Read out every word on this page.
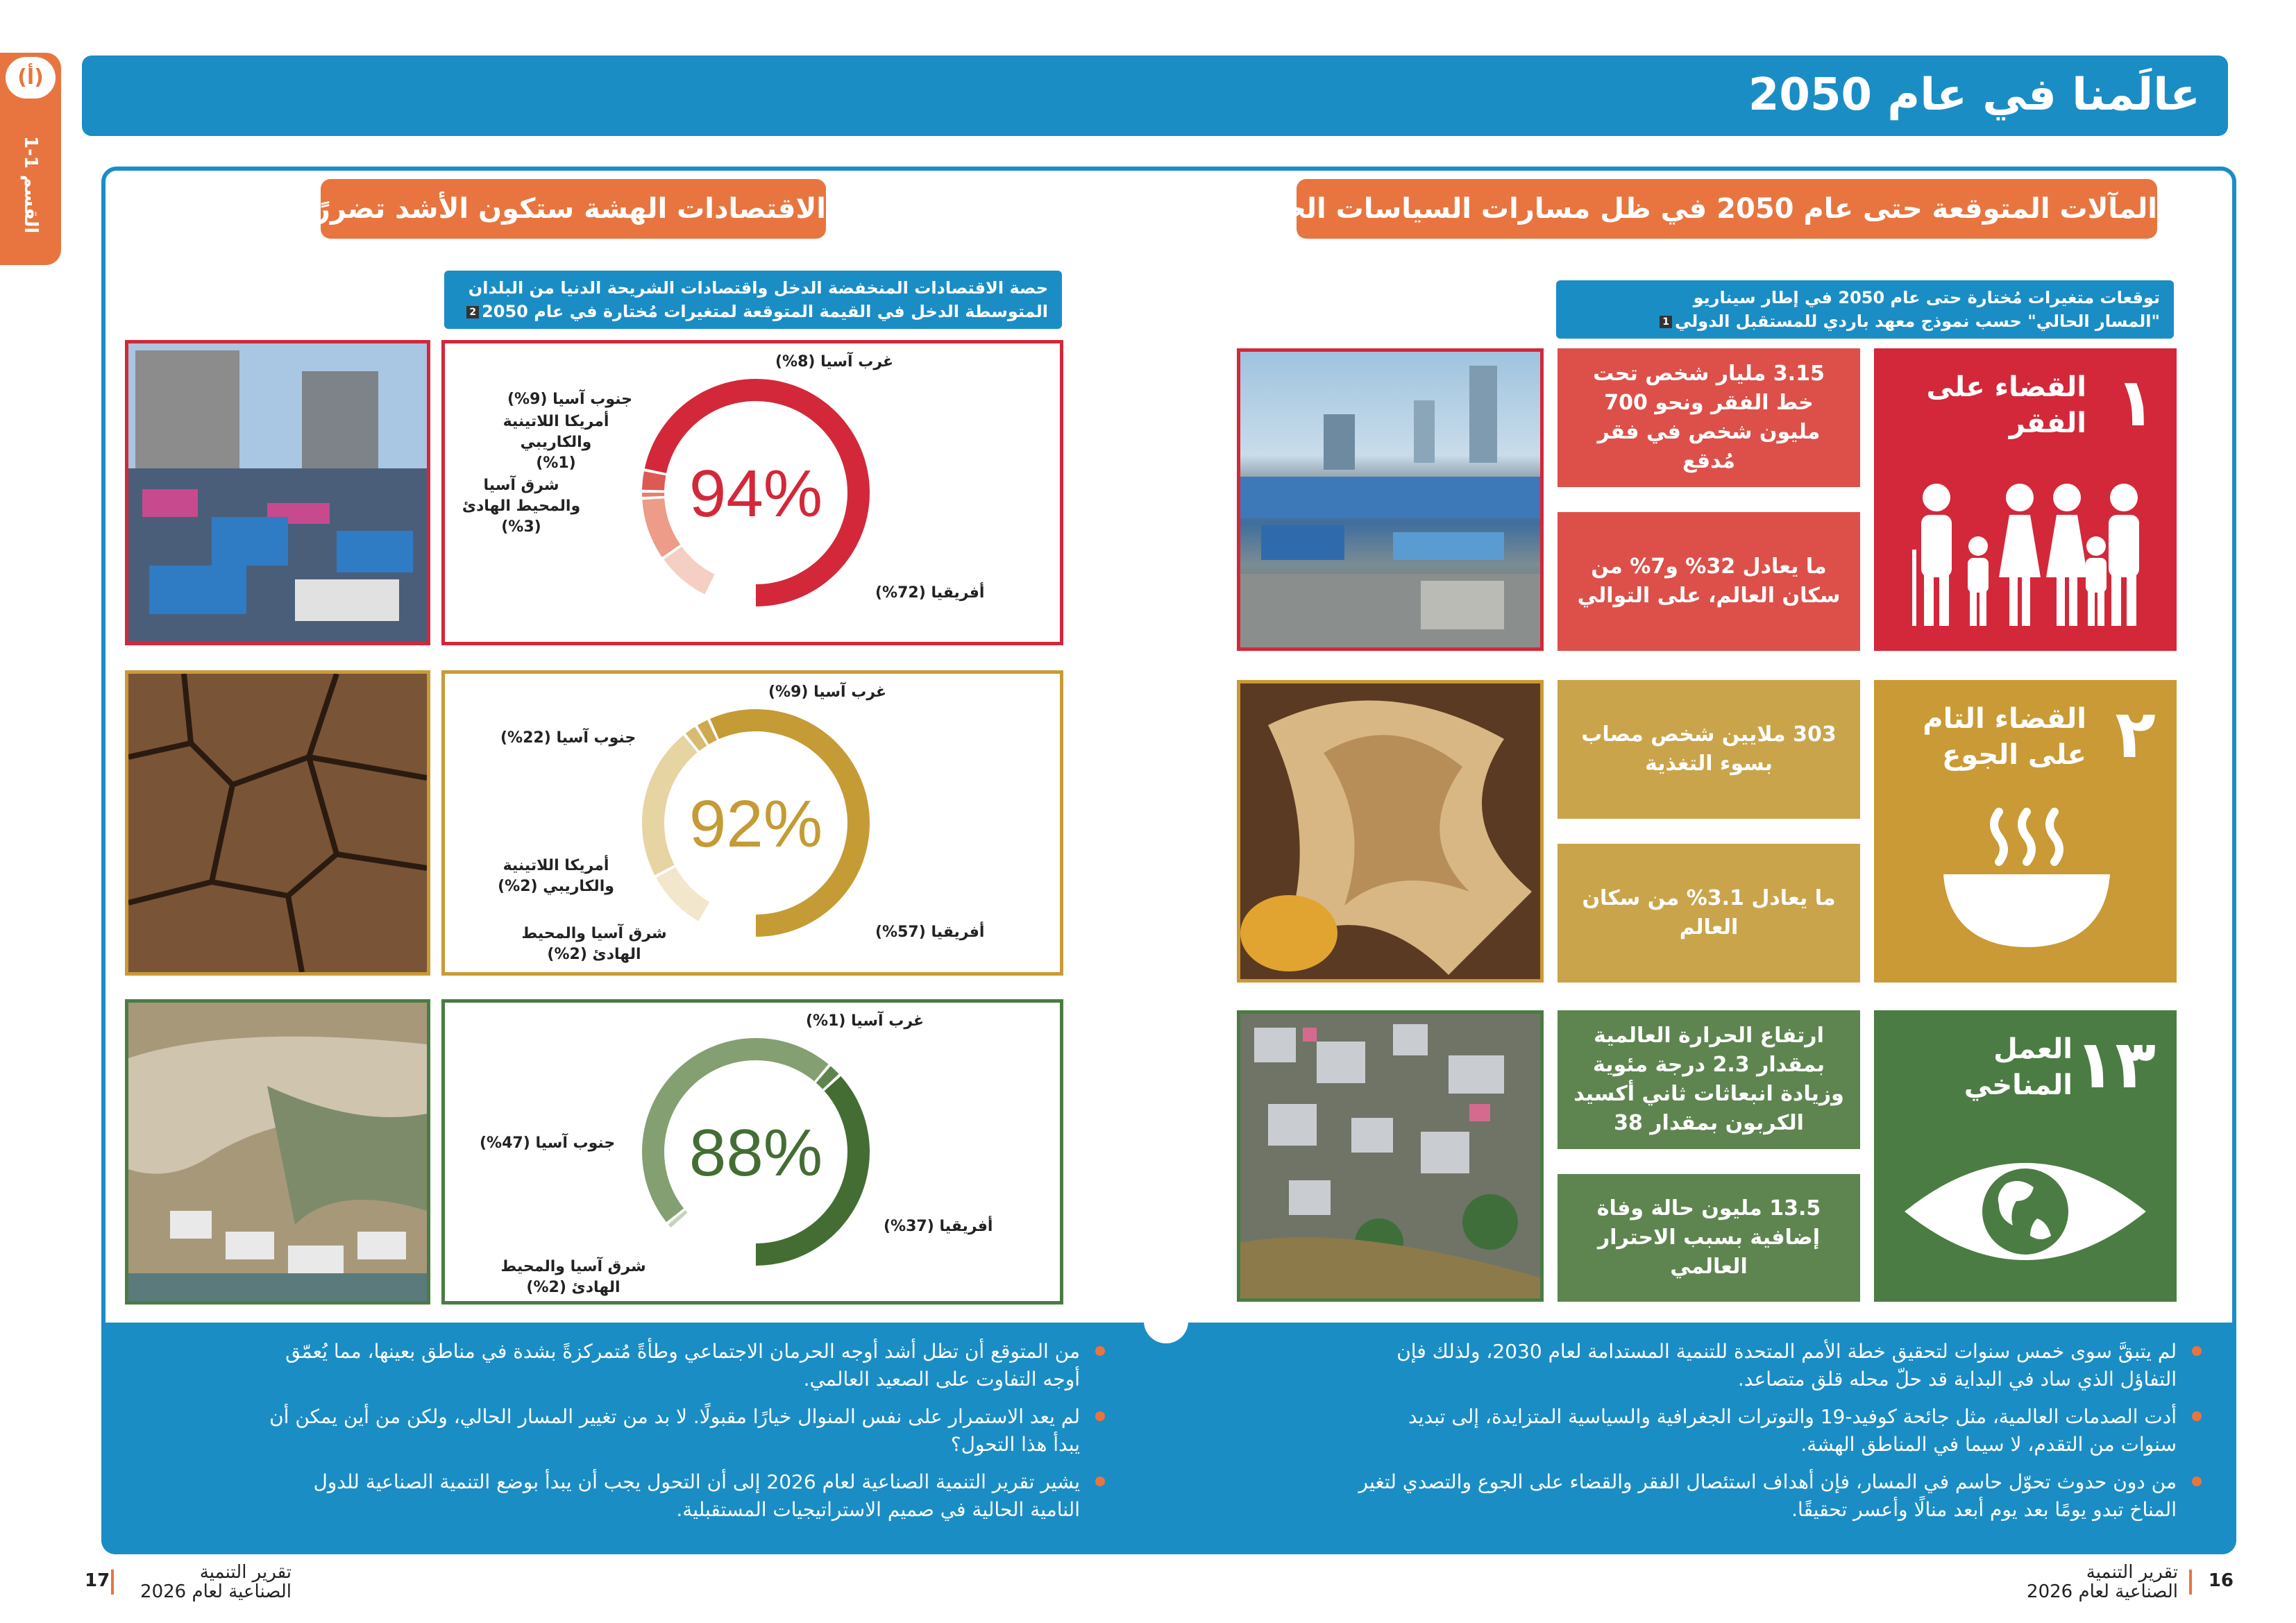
(أ)
القسم 1-1
عالَمنا في عام 2050
المآلات المتوقعة حتى عام 2050 في ظل مسارات السياسات الحالية
توقعات متغيرات مُختارة حتى عام 2050 في إطار سيناريو
"المسار الحالي" حسب نموذج معهد باردي للمستقبل الدولي1
الاقتصادات الهشة ستكون الأشد تضررًا
حصة الاقتصادات المنخفضة الدخل واقتصادات الشريحة الدنيا من البلدان
المتوسطة الدخل في القيمة المتوقعة لمتغيرات مُختارة في عام 20502
١
القضاء على
الفقر
3.15 مليار شخص تحت خط الفقر ونحو 700 مليون شخص في فقر مُدقع
ما يعادل 32% و7% من سكان العالم، على التوالي
٢
القضاء التام
على الجوع
303 ملايين شخص مصاب بسوء التغذية
ما يعادل 3.1% من سكان العالم
١٣
العمل
المناخي
ارتفاع الحرارة العالمية بمقدار 2.3 درجة مئوية وزيادة انبعاثات ثاني أكسيد الكربون بمقدار 38
13.5 مليون حالة وفاة إضافية بسبب الاحترار العالمي
94%
غرب آسيا (8%)
جنوب آسيا (9%)
أمريكا اللاتينية والكاريبي (1%)
شرق آسيا والمحيط الهادئ (3%)
أفريقيا (72%)
92%
غرب آسيا (9%)
جنوب آسيا (22%)
أمريكا اللاتينية والكاريبي (2%)
شرق آسيا والمحيط الهادئ (2%)
أفريقيا (57%)
88%
غرب آسيا (1%)
جنوب آسيا (47%)
شرق آسيا والمحيط الهادئ (2%)
أفريقيا (37%)
لم يتبقَّ سوى خمس سنوات لتحقيق خطة الأمم المتحدة للتنمية المستدامة لعام 2030، ولذلك فإن
التفاؤل الذي ساد في البداية قد حلّ محله قلق متصاعد.
أدت الصدمات العالمية، مثل جائحة كوفيد-19 والتوترات الجغرافية والسياسية المتزايدة، إلى تبديد
سنوات من التقدم، لا سيما في المناطق الهشة.
من دون حدوث تحوّل حاسم في المسار، فإن أهداف استئصال الفقر والقضاء على الجوع والتصدي لتغير
المناخ تبدو يومًا بعد يوم أبعد منالًا وأعسر تحقيقًا.
من المتوقع أن تظل أشد أوجه الحرمان الاجتماعي وطأةً مُتمركزةً بشدة في مناطق بعينها، مما يُعمّق
أوجه التفاوت على الصعيد العالمي.
لم يعد الاستمرار على نفس المنوال خيارًا مقبولًا. لا بد من تغيير المسار الحالي، ولكن من أين يمكن أن
يبدأ هذا التحول؟
يشير تقرير التنمية الصناعية لعام 2026 إلى أن التحول يجب أن يبدأ بوضع التنمية الصناعية للدول
النامية الحالية في صميم الاستراتيجيات المستقبلية.
16
تقرير التنمية
الصناعية لعام 2026
17	تقرير التنمية
الصناعية لعام 2026
